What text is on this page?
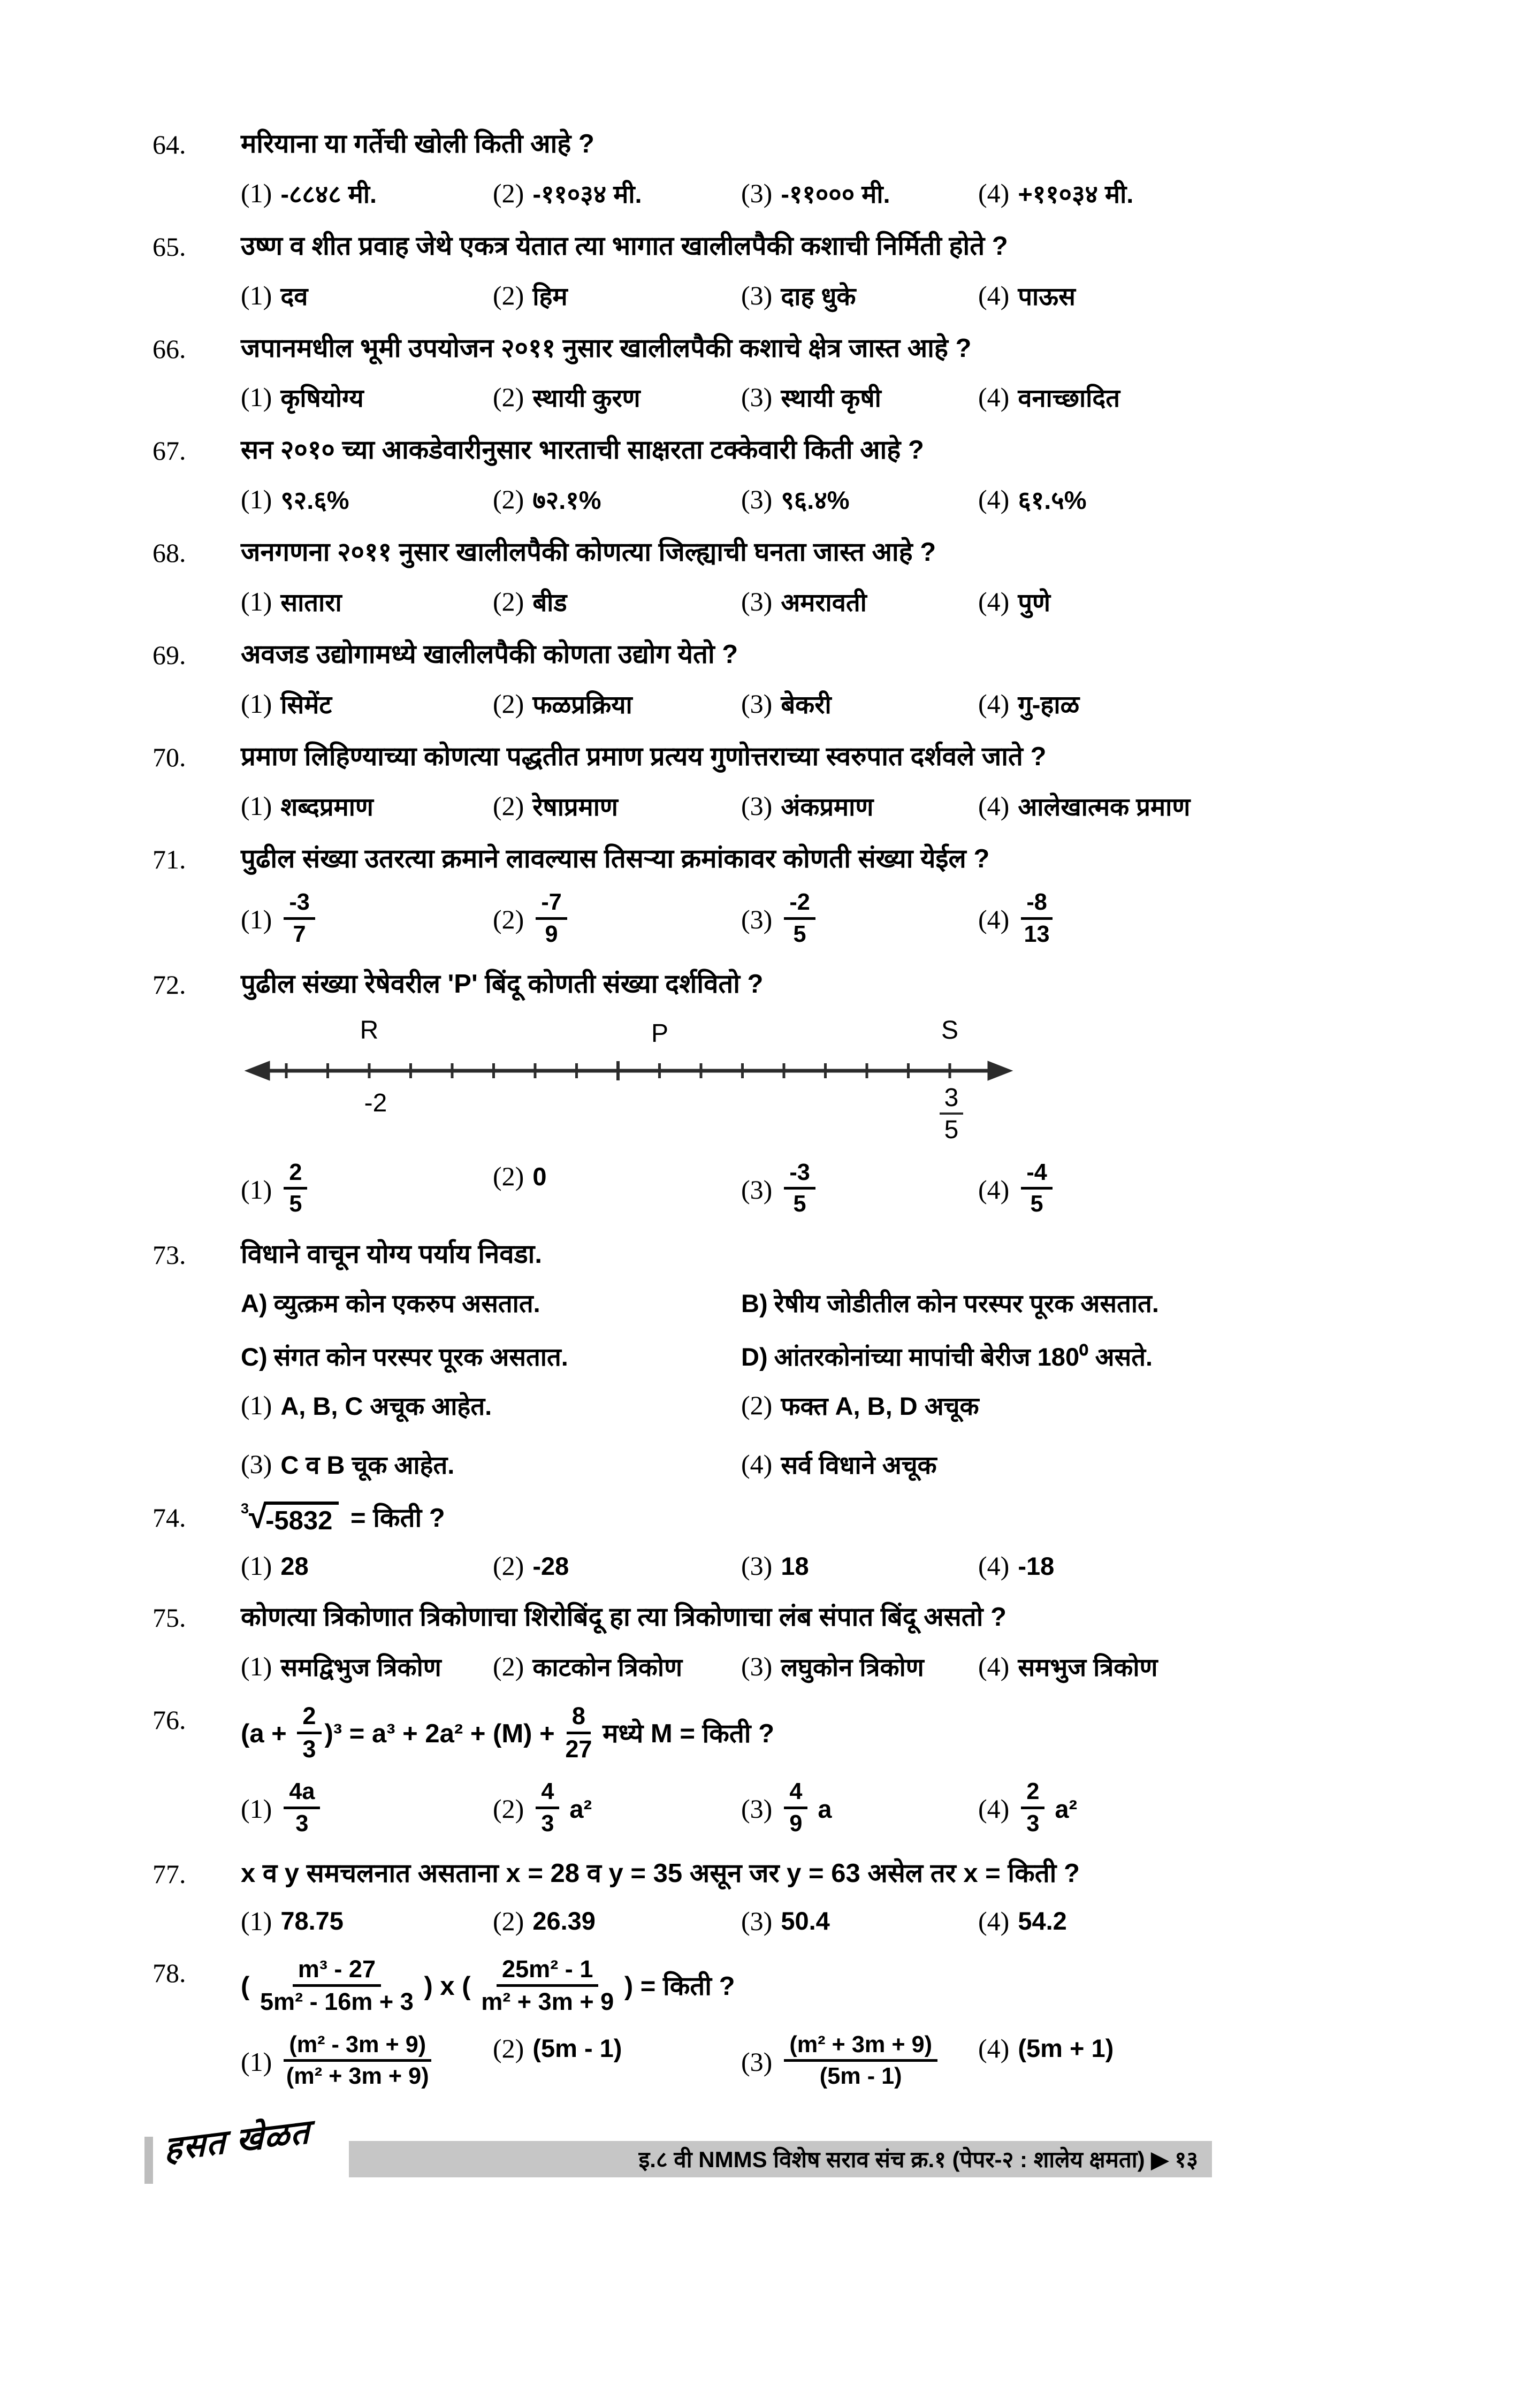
64.	मरियाना या गर्तेची खोली किती आहे ?
(1) -८८४८ मी.	(2) -११०३४ मी.	(3) -११००० मी.	(4) +११०३४ मी.
65.	उष्ण व शीत प्रवाह जेथे एकत्र येतात त्या भागात खालीलपैकी कशाची निर्मिती होते ?
(1) दव	(2) हिम	(3) दाह धुके	(4) पाऊस
66.	जपानमधील भूमी उपयोजन २०११ नुसार खालीलपैकी कशाचे क्षेत्र जास्त आहे ?
(1) कृषियोग्य	(2) स्थायी कुरण	(3) स्थायी कृषी	(4) वनाच्छादित
67.	सन २०१० च्या आकडेवारीनुसार भारताची साक्षरता टक्केवारी किती आहे ?
(1) ९२.६%	(2) ७२.१%	(3) ९६.४%	(4) ६१.५%
68.	जनगणना २०११ नुसार खालीलपैकी कोणत्या जिल्ह्याची घनता जास्त आहे ?
(1) सातारा	(2) बीड	(3) अमरावती	(4) पुणे
69.	अवजड उद्योगामध्ये खालीलपैकी कोणता उद्योग येतो ?
(1) सिमेंट	(2) फळप्रक्रिया	(3) बेकरी	(4) गु-हाळ
70.	प्रमाण लिहिण्याच्या कोणत्या पद्धतीत प्रमाण प्रत्यय गुणोत्तराच्या स्वरुपात दर्शवले जाते ?
(1) शब्दप्रमाण	(2) रेषाप्रमाण	(3) अंकप्रमाण	(4) आलेखात्मक प्रमाण
71.	पुढील संख्या उतरत्या क्रमाने लावल्यास तिसऱ्या क्रमांकावर कोणती संख्या येईल ?
$(1) \frac{-3}{7}$	$(2) \frac{-7}{9}$	$(3) \frac{-2}{5}$	$(4) \frac{-8}{13}$
72.	पुढील संख्या रेषेवरील 'P' बिंदू कोणती संख्या दर्शवितो ?
R	P	S
-2	3
5
$(1) \frac{2}{5}$	(2) 0	$(3) \frac{-3}{5}$	$(4) \frac{-4}{5}$
73.	विधाने वाचून योग्य पर्याय निवडा.
A) व्युत्क्रम कोन एकरुप असतात.	B) रेषीय जोडीतील कोन परस्पर पूरक असतात.
C) संगत कोन परस्पर पूरक असतात.	D) आंतरकोनांच्या मापांची बेरीज 180⁰ असते.
(1) A, B, C अचूक आहेत.	(2) फक्त A, B, D अचूक
(3) C व B चूक आहेत.	(4) सर्व विधाने अचूक
74.	3 √
-5832 = किती ?
(1) 28	(2) -28	(3) 18	(4) -18
75.	कोणत्या त्रिकोणात त्रिकोणाचा शिरोबिंदू हा त्या त्रिकोणाचा लंब संपात बिंदू असतो ?
(1) समद्विभुज त्रिकोण (2) काटकोन त्रिकोण (3) लघुकोन त्रिकोण (4) समभुज त्रिकोण
76.	$(a + \frac{2}{3} )^3 = a^3 + 2a^2 + (M) + \frac{8}{27}$ मध्ये M = किती ?
$(1) \frac{4a}{3}$	$(2) \frac{4}{3} a^2$	$(3) \frac{4}{9}$ a	$(4) \frac{2}{3} a^2$
77.	x व y समचलनात असताना x = 28 व y = 35 असून जर y = 63 असेल तर x = किती ?
(1) 78.75	(2) 26.39	(3) 50.4	(4) 54.2
78.	( $\frac{\text{m³ - 27}}{\text{5m² - 16m + 3}}$ ) x ( $\frac{\text{25m² - 1}}{\text{m² + 3m + 9}}$ ) = किती ?
$(1) \frac{\text{(m² - 3m + 9)}}{\text{(m² + 3m + 9)}} (2)$ (5m - 1)	$(3) \frac{\text{(m² + 3m + 9)}}{(5m - 1)} (4) (5m + 1)$
हसत खेळत	इ.८ वी NMMS विशेष सराव संच क्र.१ (पेपर-२ : शालेय क्षमता) ▶ १३
